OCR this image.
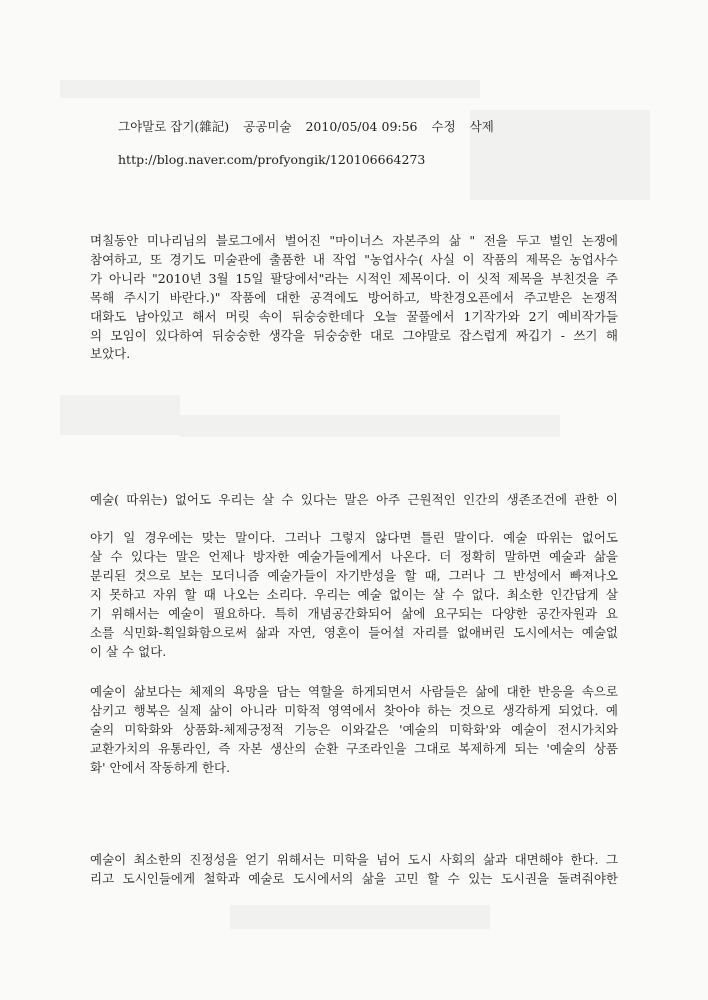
그야말로 잡기(雜記) 공공미술 2010/05/04 09:56 수정 삭제
http://blog.naver.com/profyongik/120106664273
며칠동안 미나리님의 블로그에서 벌어진 "마이너스 자본주의 삶 " 전을 두고 벌인 논쟁에
참여하고, 또 경기도 미술관에 출품한 내 작업 "농업사수( 사실 이 작품의 제목은 농업사수
가 아니라 "2010년 3월 15일 팔당에서"라는 시적인 제목이다. 이 싯적 제목을 부친것을 주
목해 주시기 바란다.)" 작품에 대한 공격에도 방어하고, 박찬경오픈에서 주고받은 논쟁적
대화도 남아있고 해서 머릿 속이 뒤숭숭한데다 오늘 꿀풀에서 1기작가와 2기 예비작가들
의 모임이 있다하여 뒤숭숭한 생각을 뒤숭숭한 대로 그야말로 잡스럽게 짜깁기 - 쓰기 해
보았다.
예술( 따위는) 없어도 우리는 살 수 있다는 말은 아주 근원적인 인간의 생존조건에 관한 이
야기 일 경우에는 맞는 말이다. 그러나 그렇지 않다면 틀린 말이다. 예술 따위는 없어도
살 수 있다는 말은 언제나 방자한 예술가들에게서 나온다. 더 정확히 말하면 예술과 삶을
분리된 것으로 보는 모더니즘 예술가들이 자기반성을 할 때, 그러나 그 반성에서 빠져나오
지 못하고 자위 할 때 나오는 소리다. 우리는 예술 없이는 살 수 없다. 최소한 인간답게 살
기 위해서는 예술이 필요하다. 특히 개념공간화되어 삶에 요구되는 다양한 공간자원과 요
소를 식민화-획일화함으로써 삶과 자연, 영혼이 들어설 자리를 없애버린 도시에서는 예술없
이 살 수 없다.
예술이 삶보다는 체제의 욕망을 담는 역할을 하게되면서 사람들은 삶에 대한 반응을 속으로
삼키고 행복은 실제 삶이 아니라 미학적 영역에서 찾아야 하는 것으로 생각하게 되었다. 예
술의 미학화와 상품화-체제긍정적 기능은 이와같은 '예술의 미학화'와 예술이 전시가치와
교환가치의 유통라인, 즉 자본 생산의 순환 구조라인을 그대로 복제하게 되는 '예술의 상품
화' 안에서 작동하게 한다.
예술이 최소한의 진정성을 얻기 위해서는 미학을 넘어 도시 사회의 삶과 대면해야 한다. 그
리고 도시인들에게 철학과 예술로 도시에서의 삶을 고민 할 수 있는 도시권을 돌려줘야한
